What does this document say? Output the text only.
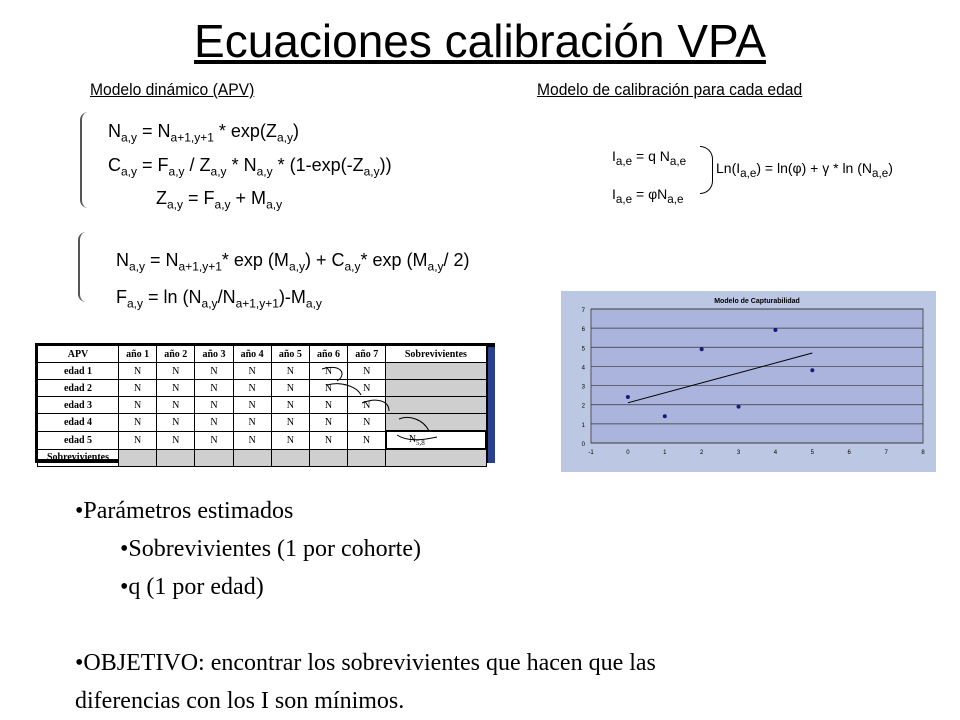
Ecuaciones calibración VPA
Modelo dinámico (APV)	Modelo de calibración para cada edad
$N_{a,y} = N_{a+1,y+1} * \exp(Z_{a,y})$
$C_{a,y} = F_{a,y} / Z_{a,y} * N_{a,y} * (1-\exp(-Z_{a,y}))$
$Z_{a,y} = F_{a,y} + M_{a,y}$
$I_{a,e} = q$ $N_{a,e}$
$I_{a,e} = \varphi N_{a,e}$
$Ln(I_{a,e}) = \ln(\varphi) + \gamma * \ln (N_{a,e})$
$N_{a,y} = N_{a+1,y+1}*$ $\exp (M_{a,y}) + C_{a,y}*$ $\exp (M_{a,y}/$ 2)
$F_{a,y} = \ln (N_{a,y}/N_{a+1,y+1})-M_{a,y}$
APV	año 1	año 2	año 3	año 4	año 5	año 6	año 7	Sobrevivientes
edad 1	N	N	N	N	N	N	N	
edad 2	N	N	N	N	N	N	N	
edad 3	N	N	N	N	N	N	N	
edad 4	N	N	N	N	N	N	N	
edad 5	N	N	N	N	N	N	N	$N_{5,8}$
Sobrevivientes								
0
1
2
3
4
5
6
7
-1	0	1	2	3	4	5	6	7	8
Modelo de Capturabilidad
•Parámetros estimados
•Sobrevivientes (1 por cohorte)
•q (1 por edad)
•OBJETIVO: encontrar los sobrevivientes que hacen que las
diferencias con los I son mínimos.
